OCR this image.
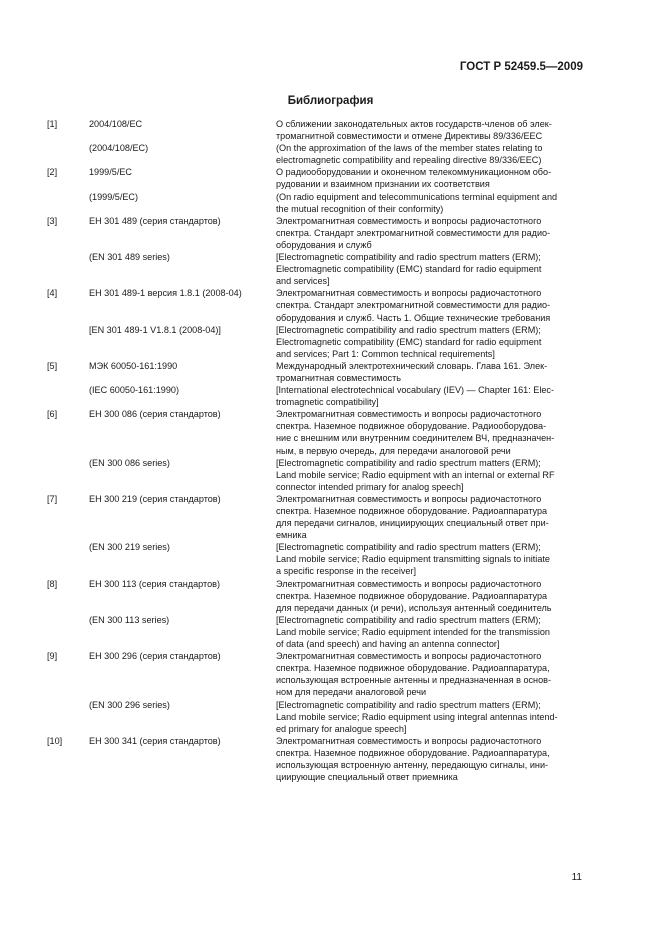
ГОСТ Р 52459.5—2009
Библиография
[1]	2004/108/ЕС	О сближении законодательных актов государств-членов об элек-
тромагнитной совместимости и отмене Директивы 89/336/ЕЕС
(2004/108/ЕС)	(On the approximation of the laws of the member states relating to
electromagnetic compatibility and repealing directive 89/336/EEC)
[2]	1999/5/ЕС	О радиооборудовании и оконечном телекоммуникационном обо-
рудовании и взаимном признании их соответствия
(1999/5/ЕС)	(On radio equipment and telecommunications terminal equipment and
the mutual recognition of their conformity)
[3]	ЕН 301 489 (серия стандартов)	Электромагнитная совместимость и вопросы радиочастотного
спектра. Стандарт электромагнитной совместимости для радио-
оборудования и служб
(EN 301 489 series)	[Electromagnetic compatibility and radio spectrum matters (ERM);
Electromagnetic compatibility (EMC) standard for radio equipment
and services]
[4]	ЕН 301 489-1 версия 1.8.1 (2008-04)	Электромагнитная совместимость и вопросы радиочастотного
спектра. Стандарт электромагнитной совместимости для радио-
оборудования и служб. Часть 1. Общие технические требования
[EN 301 489-1 V1.8.1 (2008-04)]	[Electromagnetic compatibility and radio spectrum matters (ERM);
Electromagnetic compatibility (EMC) standard for radio equipment
and services; Part 1: Common technical requirements]
[5]	МЭК 60050-161:1990	Международный электротехнический словарь. Глава 161. Элек-
тромагнитная совместимость
(IEC 60050-161:1990)	[International electrotechnical vocabulary (IEV) — Chapter 161: Elec-
tromagnetic compatibility]
[6]	ЕН 300 086 (серия стандартов)	Электромагнитная совместимость и вопросы радиочастотного
спектра. Наземное подвижное оборудование. Радиооборудова-
ние с внешним или внутренним соединителем ВЧ, предназначен-
ным, в первую очередь, для передачи аналоговой речи
(EN 300 086 series)	[Electromagnetic compatibility and radio spectrum matters (ERM);
Land mobile service; Radio equipment with an internal or external RF
connector intended primary for analog speech]
[7]	ЕН 300 219 (серия стандартов)	Электромагнитная совместимость и вопросы радиочастотного
спектра. Наземное подвижное оборудование. Радиоаппаратура
для передачи сигналов, инициирующих специальный ответ при-
емника
(EN 300 219 series)	[Electromagnetic compatibility and radio spectrum matters (ERM);
Land mobile service; Radio equipment transmitting signals to initiate
a specific response in the receiver]
[8]	ЕН 300 113 (серия стандартов)	Электромагнитная совместимость и вопросы радиочастотного
спектра. Наземное подвижное оборудование. Радиоаппаратура
для передачи данных (и речи), используя антенный соединитель
(EN 300 113 series)	[Electromagnetic compatibility and radio spectrum matters (ERM);
Land mobile service; Radio equipment intended for the transmission
of data (and speech) and having an antenna connector]
[9]	ЕН 300 296 (серия стандартов)	Электромагнитная совместимость и вопросы радиочастотного
спектра. Наземное подвижное оборудование. Радиоаппаратура,
использующая встроенные антенны и предназначенная в основ-
ном для передачи аналоговой речи
(EN 300 296 series)	[Electromagnetic compatibility and radio spectrum matters (ERM);
Land mobile service; Radio equipment using integral antennas intend-
ed primary for analogue speech]
[10]	ЕН 300 341 (серия стандартов)	Электромагнитная совместимость и вопросы радиочастотного
спектра. Наземное подвижное оборудование. Радиоаппаратура,
использующая встроенную антенну, передающую сигналы, ини-
циирующие специальный ответ приемника
11
